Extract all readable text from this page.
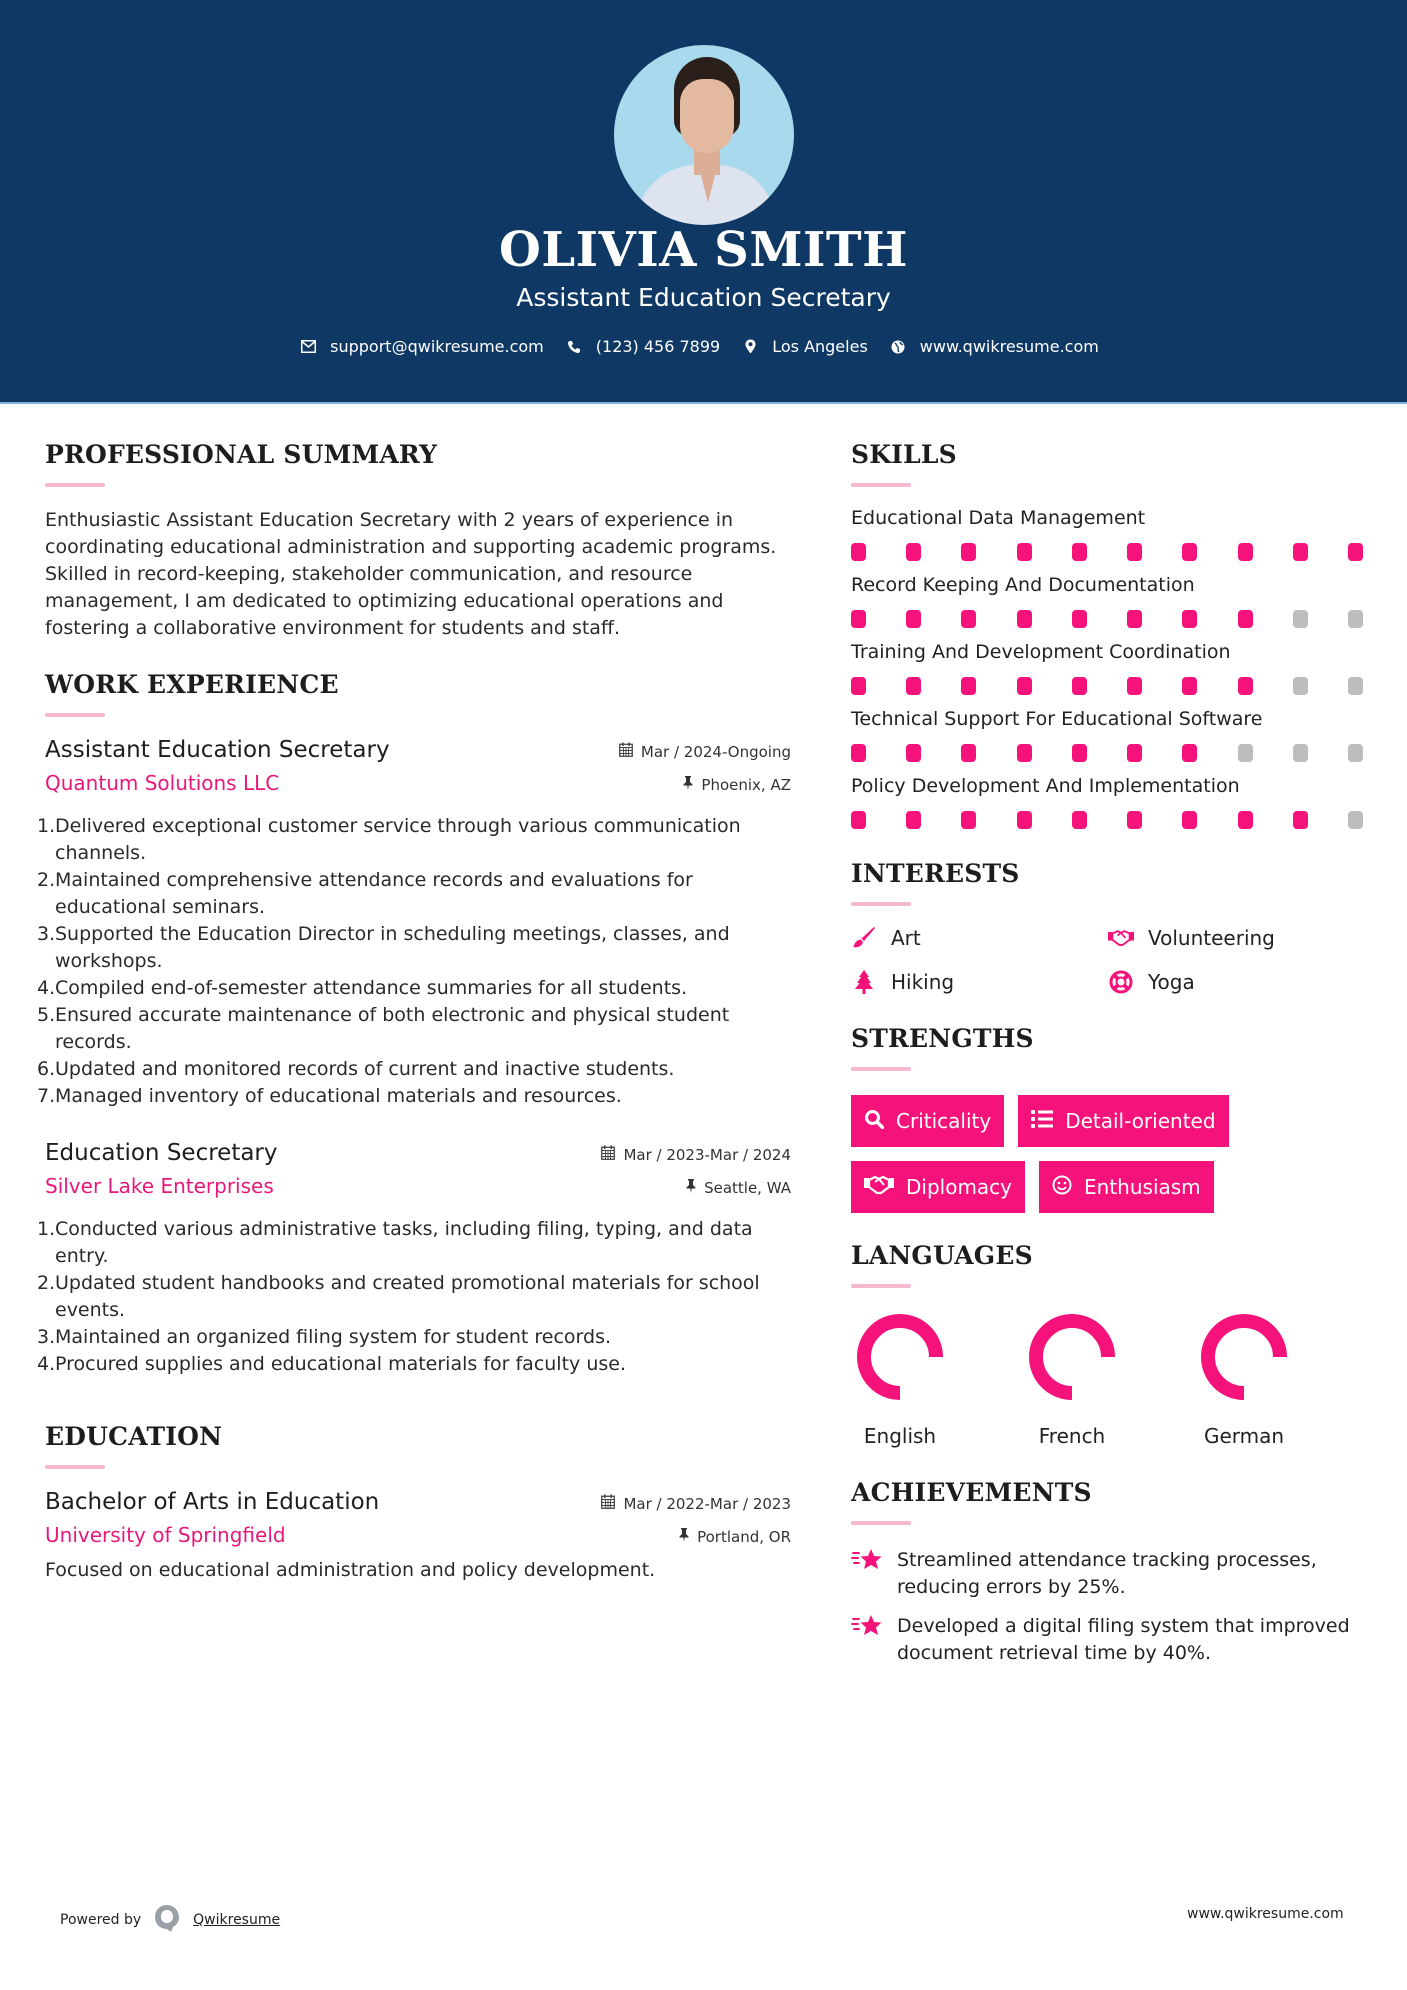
OLIVIA SMITH
Assistant Education Secretary
support@qwikresume.com	(123) 456 7899	Los Angeles	www.qwikresume.com
PROFESSIONAL SUMMARY

Enthusiastic Assistant Education Secretary with 2 years of experience in coordinating educational administration and supporting academic programs. Skilled in record-keeping, stakeholder communication, and resource management, I am dedicated to optimizing educational operations and fostering a collaborative environment for students and staff.

WORK EXPERIENCE
Assistant Education Secretary	Mar / 2024-Ongoing
Quantum Solutions LLC	Phoenix, AZ
1. Delivered exceptional customer service through various communication channels.
2. Maintained comprehensive attendance records and evaluations for educational seminars.
3. Supported the Education Director in scheduling meetings, classes, and workshops.
4. Compiled end-of-semester attendance summaries for all students.
5. Ensured accurate maintenance of both electronic and physical student records.
6. Updated and monitored records of current and inactive students.
7. Managed inventory of educational materials and resources.
Education Secretary	Mar / 2023-Mar / 2024
Silver Lake Enterprises	Seattle, WA
1. Conducted various administrative tasks, including filing, typing, and data entry.
2. Updated student handbooks and created promotional materials for school events.
3. Maintained an organized filing system for student records.
4. Procured supplies and educational materials for faculty use.
EDUCATION
Bachelor of Arts in Education	Mar / 2022-Mar / 2023
University of Springfield	Portland, OR

Focused on educational administration and policy development.

SKILLS
Educational Data Management
Record Keeping And Documentation
Training And Development Coordination
Technical Support For Educational Software
Policy Development And Implementation
INTERESTS
Art	Volunteering
Hiking	Yoga
STRENGTHS
Criticality	Detail-oriented
Diplomacy	Enthusiasm
LANGUAGES
English	French	German
ACHIEVEMENTS
Streamlined attendance tracking processes, reducing errors by 25%.
Developed a digital filing system that improved document retrieval time by 40%.
Powered by	Qwikresume	www.qwikresume.com
